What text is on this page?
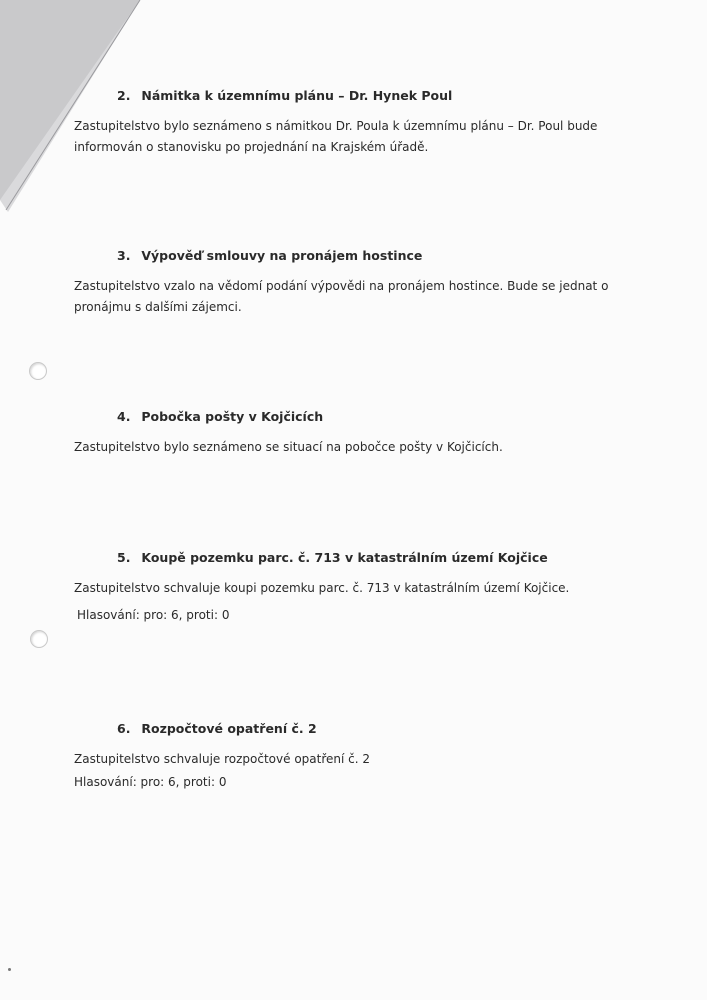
2. Námitka k územnímu plánu – Dr. Hynek Poul

Zastupitelstvo bylo seznámeno s námitkou Dr. Poula k územnímu plánu – Dr. Poul bude informován o stanovisku po projednání na Krajském úřadě.

3. Výpověď smlouvy na pronájem hostince

Zastupitelstvo vzalo na vědomí podání výpovědi na pronájem hostince. Bude se jednat o pronájmu s dalšími zájemci.

4. Pobočka pošty v Kojčicích

Zastupitelstvo bylo seznámeno se situací na pobočce pošty v Kojčicích.

5. Koupě pozemku parc. č. 713 v katastrálním území Kojčice

Zastupitelstvo schvaluje koupi pozemku parc. č. 713 v katastrálním území Kojčice.

Hlasování: pro: 6, proti: 0

6. Rozpočtové opatření č. 2

Zastupitelstvo schvaluje rozpočtové opatření č. 2

Hlasování: pro: 6, proti: 0
